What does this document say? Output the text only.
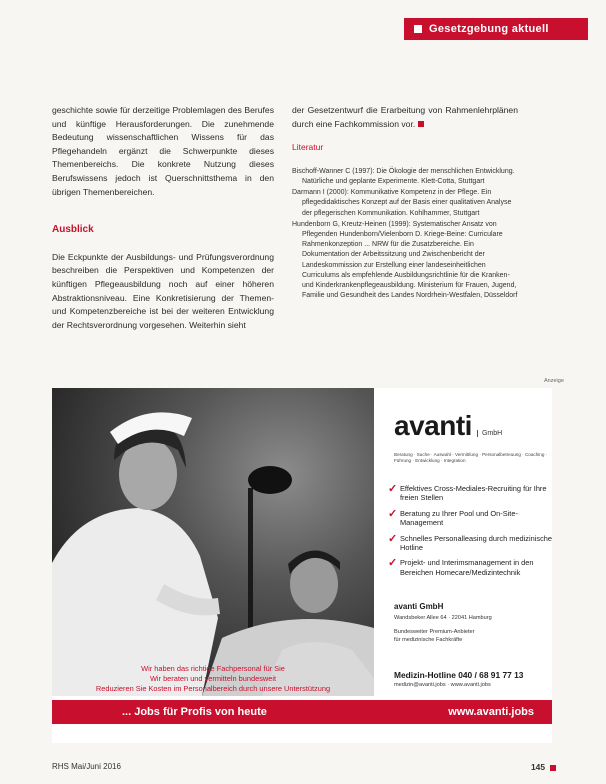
Gesetzgebung aktuell

geschichte sowie für derzeitige Problemlagen des Berufes und künftige Herausforderungen. Die zunehmende Bedeutung wissenschaftlichen Wissens für das Pflegehandeln ergänzt die Schwerpunkte dieses Themenbereichs. Die konkrete Nutzung dieses Berufswissens jedoch ist Querschnittsthema in den übrigen Themenbereichen.

Ausblick

Die Eckpunkte der Ausbildungs- und Prüfungsverordnung beschreiben die Perspektiven und Kompetenzen der künftigen Pflegeausbildung noch auf einer höheren Abstraktionsniveau. Eine Konkretisierung der Themen- und Kompetenzbereiche ist bei der weiteren Entwicklung der Rechtsverordnung vorgesehen. Weiterhin sieht

der Gesetzentwurf die Erarbeitung von Rahmenlehrplänen durch eine Fachkommission vor.

Literatur
Bischoff-Wanner C (1997): Die Ökologie der menschlichen Entwicklung. Natürliche und geplante Experimente. Klett-Cotta, Stuttgart
Darmann I (2000): Kommunikative Kompetenz in der Pflege. Ein pflegedidaktisches Konzept auf der Basis einer qualitativen Analyse der pflegerischen Kommunikation. Kohlhammer, Stuttgart
Hundenborn G, Kreutz-Heinen (1999): Systematischer Ansatz von Pflegenden Hundenborn/Vielenborn D. Kriege-Beine: Curriculare Rahmenkonzeption ... NRW für die Zusatzbereiche. Ein Dokumentation der Arbeitssitzung und Zwischenbericht der Landeskommission zur Erstellung einer landeseinheitlichen Curriculums als empfehlende Ausbildungsrichtlinie für die Kranken- und Kinderkrankenpflegeausbildung. Ministerium für Frauen, Jugend, Familie und Gesundheit des Landes Nordrhein-Westfalen, Düsseldorf
Anzeige
Wir haben das richtige Fachpersonal für Sie
Wir beraten und vermitteln bundesweit
Reduzieren Sie Kosten im Personalbereich durch unsere Unterstützung
avanti	GmbH
Beratung · Suche · Auswahl · Vermittlung · Personalbetreuung · Coaching · Führung · Entwicklung · Integration
✓ Effektives Cross-Mediales-Recruiting für Ihre freien Stellen
✓ Beratung zu Ihrer Pool und On-Site-Management
✓ Schnelles Personalleasing durch medizinische Hotline
✓ Projekt- und Interimsmanagement in den Bereichen Homecare/Medizintechnik
avanti GmbH
Wandsbeker Allee 64 · 22041 Hamburg
Bundesweiter Premium-Anbieter
für medizinische Fachkräfte
Medizin-Hotline 040 / 68 91 77 13
medizin@avanti.jobs · www.avanti.jobs
... Jobs für Profis von heute	www.avanti.jobs
RHS Mai/Juni 2016	145
